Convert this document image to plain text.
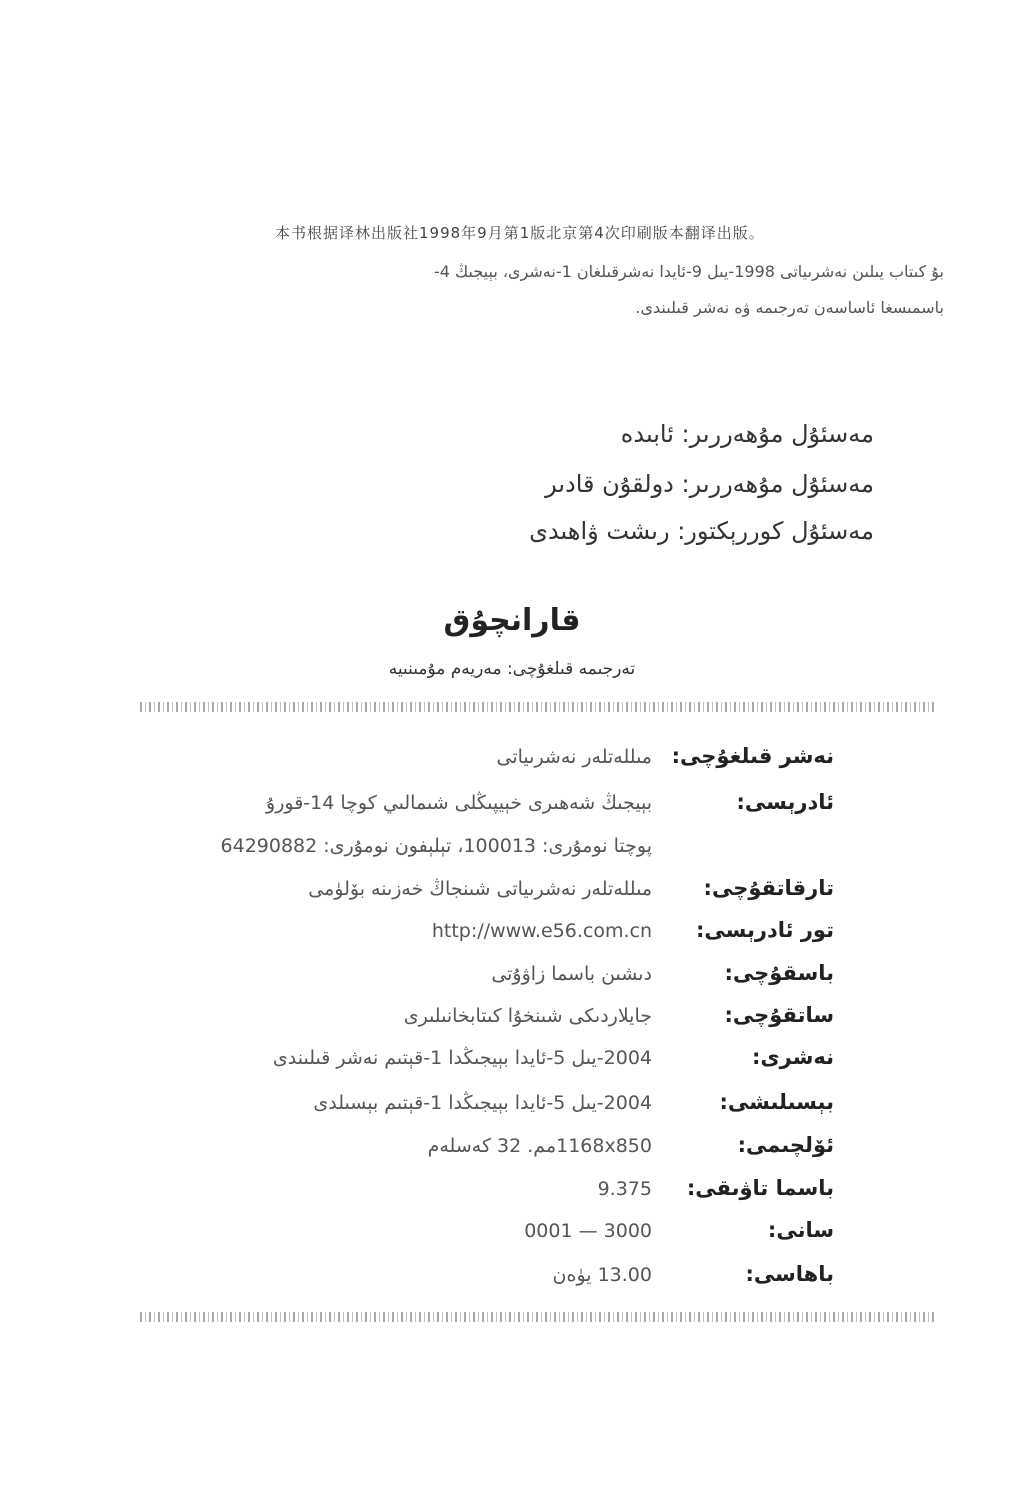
本书根据译林出版社1998年9月第1版北京第4次印刷版本翻译出版。
بۇ كىتاب يىلىن نەشرىياتى 1998-يىل 9-ئايدا نەشرقىلغان 1-نەشرى، بېيجىڭ 4-
باسمىسغا ئاساسەن تەرجىمە ۋە نەشر قىلىندى.
مەسئۇل مۇھەررىر: ئابىدە
مەسئۇل مۇھەررىر: دولقۇن قادىر
مەسئۇل كوررېكتور: رىشت ۋاھىدى
قارانچۇق
تەرجىمە قىلغۇچى: مەريەم مۇمىنىيە
نەشر قىلغۇچى:
مىللەتلەر نەشرىياتى
ئادرېسى:
بېيجىڭ شەھىرى خېيپىڭلى شىمالىي كوچا 14-قورۇ
پوچتا نومۇرى: 100013، تېلېفون نومۇرى: 64290882
تارقاتقۇچى:
مىللەتلەر نەشرىياتى شىنجاڭ خەزىنە بۆلۈمى
تور ئادرېسى:
http://www.e56.com.cn
باسقۇچى:
دىشىن باسما زاۋۇتى
ساتقۇچى:
جايلاردىكى شىنخۇا كىتابخانىلىرى
نەشرى:
2004-يىل 5-ئايدا بېيجىڭدا 1-قېتىم نەشر قىلىندى
بېسىلىشى:
2004-يىل 5-ئايدا بېيجىڭدا 1-قېتىم بېسىلدى
ئۆلچىمى:
1168x850مم. 32 كەسلەم
باسما تاۋىقى:
9.375
سانى:
0001 — 3000
باھاسى:
13.00 يۈەن
